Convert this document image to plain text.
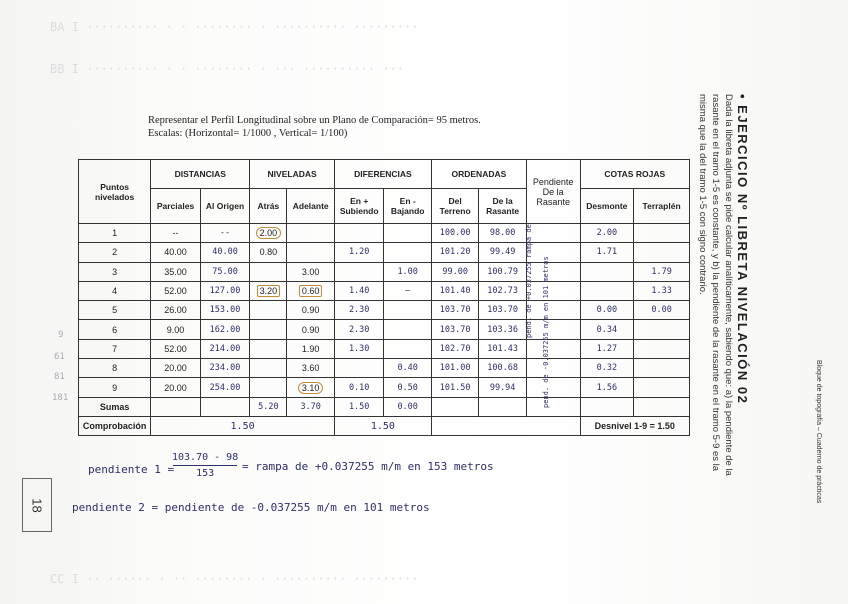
BA I ·········· · · ········ · ·········· ·········
BB I ·········· · · ········ · ··· ·········· ···
CC I ·· ······ · ·· ········ · ·········· ·········
Representar el Perfil Longitudinal sobre un Plano de Comparación= 95 metros.
Escalas: (Horizontal= 1/1000 , Vertical= 1/100)
Puntos nivelados	DISTANCIAS		NIVELADAS		DIFERENCIAS		ORDENADAS		Pendiente De la Rasante	COTAS ROJAS	
	Parciales	Al Origen	Atrás	Adelante	En + Subiendo	En - Bajando	Del Terreno	De la Rasante		Desmonte	Terraplén
1	--	--	2.00				100.00	98.00		2.00	
2	40.00	40.00	0.80		1.20		101.20	99.49		1.71	
3	35.00	75.00		3.00		1.00	99.00	100.79			1.79
4	52.00	127.00	3.20	0.60	1.40	—	101.40	102.73			1.33
5	26.00	153.00		0.90	2.30		103.70	103.70		0.00	0.00
6	9.00	162.00		0.90	2.30		103.70	103.36		0.34	
7	52.00	214.00		1.90	1.30		102.70	101.43		1.27	
8	20.00	234.00		3.60		0.40	101.00	100.68		0.32	
9	20.00	254.00		3.10	0.10	0.50	101.50	99.94		1.56	
Sumas			5.20	3.70	1.50	0.00					
Comprobación	1.50				1.50					Desnivel 1-9 = 1.50	
pend. de +0.037255 rampa de pend. de -0.037255 m/m en 101 metros	• EJERCICIO Nº LIBRETA NIVELACIÓN 02
Dada la libreta adjunta se pide calcular analíticamente, sabiendo que: a) la pendiente de la
rasante en el tramo 1-5 es constante, y b) la pendiente de la rasante en el tramo 5-9 es la
misma que la del tramo 1-5 con signo contrario.
Bloque de topografía – Cuaderno de prácticas
18
9
61
81
181
pendiente 1 =
103.70 - 98
153
= rampa de +0.037255 m/m en 153 metros
pendiente 2 = pendiente de -0.037255 m/m en 101 metros
